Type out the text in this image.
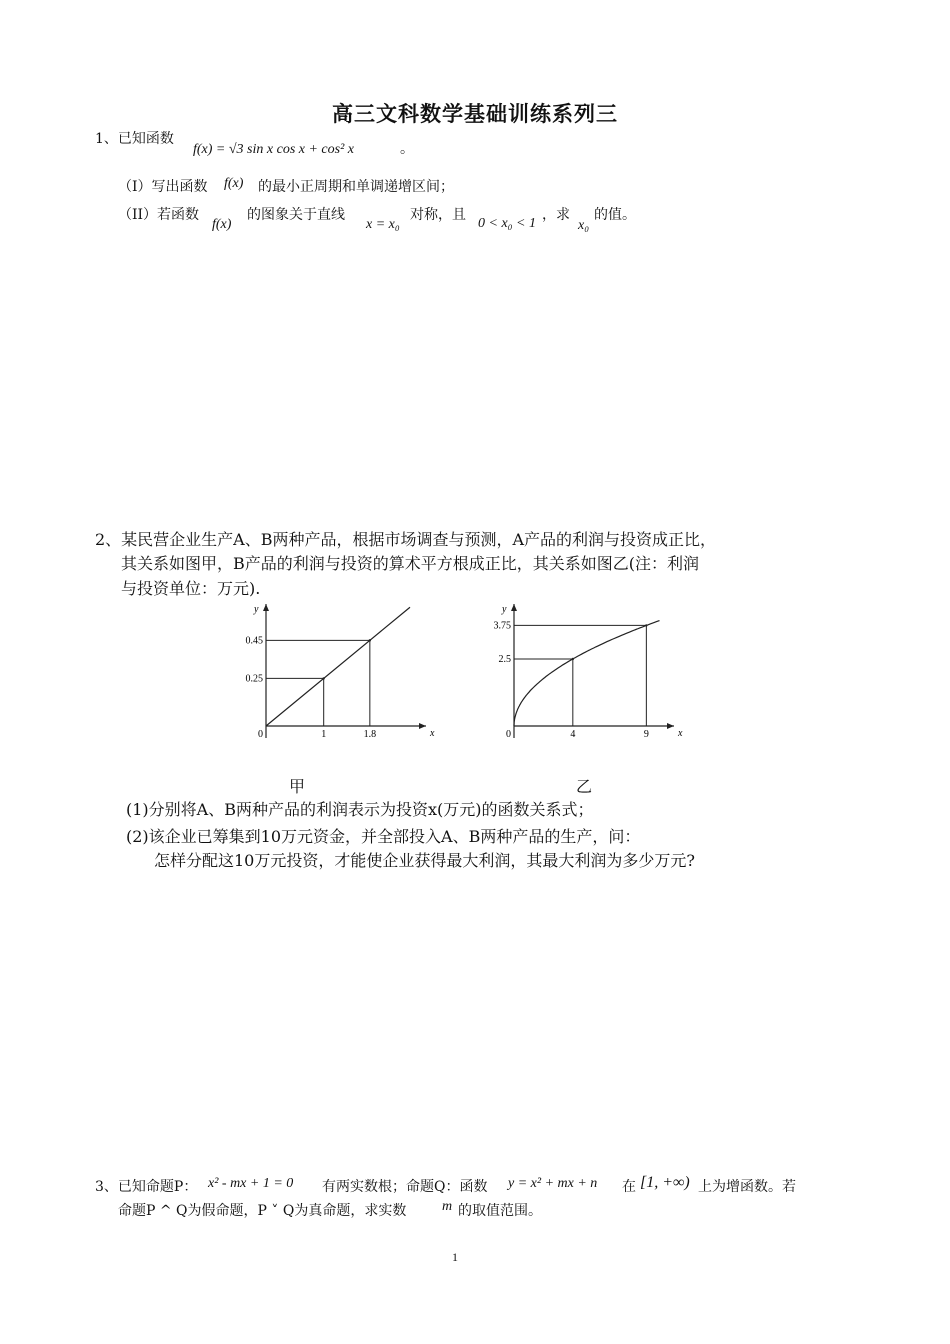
高三文科数学基础训练系列三
1、已知函数
f(x) = √3 sin x cos x + cos² x	。
（I）写出函数 f(x) 的最小正周期和单调递增区间；
（II）若函数
f(x)
的图象关于直线
x = x₀
对称，且
0 < x₀ < 1
，求
x₀
的值。
2、某民营企业生产A、B两种产品，根据市场调查与预测，A产品的利润与投资成正比，
其关系如图甲，B产品的利润与投资的算术平方根成正比，其关系如图乙(注：利润
与投资单位：万元).
x
y
0	1
0.25
1.8
0.45
甲
x
y
0	4
2.5
9
3.75
乙
(1)分别将A、B两种产品的利润表示为投资x(万元)的函数关系式；
(2)该企业已筹集到10万元资金，并全部投入A、B两种产品的生产，问：
怎样分配这10万元投资，才能使企业获得最大利润，其最大利润为多少万元?
3、已知命题P： x² - mx + 1 = 0 有两实数根；命题Q：函数 y = x² + mx + n 在 [1, +∞) 上为增函数。若
命题P ^ Q为假命题，P ˅ Q为真命题，求实数	m 的取值范围。
1
